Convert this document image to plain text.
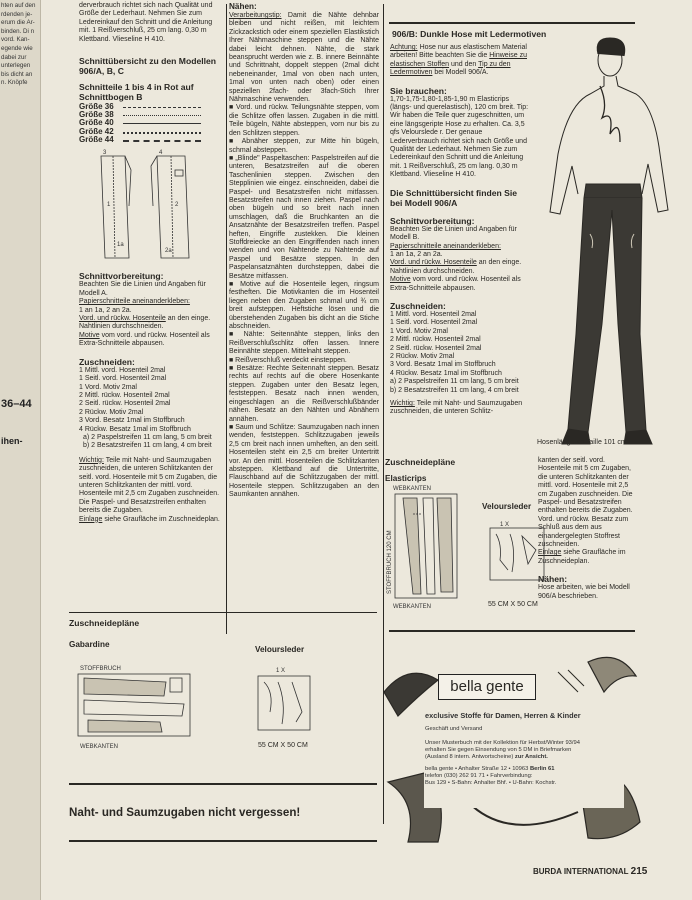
hten auf den rdenden je- erum die Ar- binden. Di n vord. Kan- egende wie dabei zur unterlegen bis dicht an n. Knöpfe
36–44
ihen-

derverbrauch richtet sich nach Qualität und Größe der Lederhaut. Nehmen Sie zum Ledereinkauf den Schnitt und die Anleitung mit. 1 Reißverschluß, 25 cm lang. 0,30 m Klettband. Vlieseline H 410.

Schnittübersicht zu den Modellen 906/A, B, C
Schnitteile 1 bis 4 in Rot auf Schnittbogen B
Größe 36
Größe 38
Größe 40
Größe 42
Größe 44
3
1
1a
4
2
2a
Schnittvorbereitung:

Beachten Sie die Linien und Angaben für Modell A.

Papierschnitteile aneinanderkleben:

1 an 1a, 2 an 2a.

Vord. und rückw. Hosenteile an den einge. Nahtlinien durchschneiden.

Motive vom vord. und rückw. Hosenteil als Extra-Schnitteile abpausen.

Zuschneiden:

1 Mittl. vord. Hosenteil 2mal

1 Seitl. vord. Hosenteil 2mal

1 Vord. Motiv 2mal

2 Mittl. rückw. Hosenteil 2mal

2 Seitl. rückw. Hosenteil 2mal

2 Rückw. Motiv 2mal

3 Vord. Besatz 1mal im Stoffbruch

4 Rückw. Besatz 1mal im Stoffbruch

a) 2 Paspelstreifen 11 cm lang, 5 cm breit

b) 2 Besatzstreifen 11 cm lang, 4 cm breit

Wichtig: Teile mit Naht- und Saumzugaben zuschneiden, die unteren Schlitzkanten der seitl. vord. Hosenteile mit 5 cm Zugaben, die unteren Schlitzkanten der mittl. vord. Hosenteile mit 2,5 cm Zugaben zuschneiden. Die Paspel- und Besatzstreifen enthalten bereits die Zugaben.

Einlage siehe Graufläche im Zuschneideplan.

Nähen:

Verarbeitungstip: Damit die Nähte dehnbar bleiben und nicht reißen, mit leichtem Zickzackstich oder einem speziellen Elastikstich Ihrer Nähmaschine steppen und die Nähte dabei leicht dehnen. Nähte, die stark beansprucht werden wie z. B. innere Beinnähte und Schrittnaht, doppelt steppen (2mal dicht nebeneinander, 1mal von oben nach unten, 1mal von unten nach oben) oder einen speziellen 2fach- oder 3fach-Stich Ihrer Nähmaschine verwenden.

■ Vord. und rückw. Teilungsnähte steppen, vom die Schlitze offen lassen. Zugaben in die mittl. Teile bügeln, Nähte absteppen, vorn nur bis zu den Schlitzen steppen.

■ Abnäher steppen, zur Mitte hin bügeln, schmal absteppen.

■ „Blinde" Paspeltaschen: Paspelstreifen auf die unteren, Besatzstreifen auf die oberen Taschenlinien steppen. Zwischen den Stepplinien wie eingez. einschneiden, dabei die Paspel- und Besatzstreifen nicht mitfassen. Besatzstreifen nach innen ziehen. Paspel nach oben bügeln und so breit nach innen umschlagen, daß die Bruchkanten an die Ansatznähte der Besatzstreifen treffen. Paspel heften, Eingriffe zustekken. Die kleinen Stoffdreiecke an den Eingriffenden nach innen wenden und von Nahtende zu Nahtende auf Paspel und Besätze steppen. In den Paspelansatznähten durchsteppen, dabei die Besätze mitfassen.

■ Motive auf die Hosenteile legen, ringsum festheften. Die Motivkanten die im Hosenteil liegen neben den Zugaben schmal und ¾ cm breit aufsteppen. Heftstiche lösen und die überstehenden Zugaben bis dicht an die Stiche abschneiden.

■ Nähte: Seitennähte steppen, links den Reißverschlußschlitz offen lassen. Innere Beinnähte steppen. Mittelnaht steppen.

■ Reißverschluß verdeckt einsteppen.

■ Besätze: Rechte Seitennaht steppen. Besatz rechts auf rechts auf die obere Hosenkante steppen. Zugaben unter den Besatz legen, feststeppen. Besatz nach innen wenden, eingeschlagen an die Reißverschlußbänder nähen. Besatz an den Nähten und Abnähern annähen.

■ Saum und Schlitze: Saumzugaben nach innen wenden, feststeppen. Schlitzzugaben jeweils 2,5 cm breit nach innen umheften, an den seitl. Hosenteilen steht ein 2,5 cm breiter Untertritt vor. An den mittl. Hosenteilen die Schlitzkanten absteppen. Klettband auf die Untertritte, Flauschband auf die Schlitzzugaben der mittl. Hosenteile steppen. Schlitzzugaben an den Saumkanten annähen.

906/B: Dunkle Hose mit Ledermotiven

Achtung: Hose nur aus elastischem Material arbeiten! Bitte beachten Sie die Hinweise zu elastischen Stoffen und den Tip zu den Ledermotiven bei Modell 906/A.

Sie brauchen:

1,70-1,75-1,80-1,85-1,90 m Elasticrips (längs- und querelastisch), 120 cm breit. Tip: Wir haben die Teile quer zugeschnitten, um eine längsgeripte Hose zu erhalten. Ca. 3,5 qfs Velourslede r. Der genaue Lederverbrauch richtet sich nach Größe und Qualität der Lederhaut. Nehmen Sie zum Ledereinkauf den Schnitt und die Anleitung mit. 1 Reißverschluß, 25 cm lang. 0,30 m Klettband. Vlieseline H 410.

Die Schnittübersicht finden Sie bei Modell 906/A
Schnittvorbereitung:

Beachten Sie die Linien und Angaben für Modell B.

Papierschnitteile aneinanderkleben:

1 an 1a, 2 an 2a.

Vord. und rückw. Hosenteile an den einge. Nahtlinien durchschneiden.

Motive vom vord. und rückw. Hosenteil als Extra-Schnitteile abpausen.

Zuschneiden:

1 Mittl. vord. Hosenteil 2mal

1 Seitl. vord. Hosenteil 2mal

1 Vord. Motiv 2mal

2 Mittl. rückw. Hosenteil 2mal

2 Seitl. rückw. Hosenteil 2mal

2 Rückw. Motiv 2mal

3 Vord. Besatz 1mal im Stoffbruch

4 Rückw. Besatz 1mal im Stoffbruch

a) 2 Paspelstreifen 11 cm lang, 5 cm breit

b) 2 Besatzstreifen 11 cm lang, 4 cm breit

Wichtig: Teile mit Naht- und Saumzugaben zuschneiden, die unteren Schlitz-

Hosenlänge ab Taille 101 cm

kanten der seitl. vord. Hosenteile mit 5 cm Zugaben, die unteren Schlitzkanten der mittl. vord. Hosenteile mit 2,5 cm Zugaben zuschneiden. Die Paspel- und Besatzstreifen enthalten bereits die Zugaben. Vord. und rückw. Besatz zum Schluß aus dem aus einandergelegten Stoffrest zuschneiden.

Einlage siehe Graufläche im Zuschneideplan.

Nähen:

Hose arbeiten, wie bei Modell 906/A beschrieben.

Zuschneidepläne
Elasticrips
Veloursleder
WEBKANTEN
WEBKANTEN
STOFFBRUCH 120 CM
1 X
55 CM X 50 CM
Zuschneidepläne
Gabardine
Veloursleder
STOFFBRUCH
WEBKANTEN
1 X
55 CM X 50 CM
Naht- und Saumzugaben nicht vergessen!
bella gente
exclusive Stoffe für Damen, Herren & Kinder
Geschäft und Versand
Unser Musterbuch mit der Kollektion für Herbst/Winter 93/94
erhalten Sie gegen Einsendung von 5 DM in Briefmarken
(Ausland 8 intern. Antwortscheine) zur Ansicht.
bella gente • Anhalter Straße 12 • 10963 Berlin 61
telefon (030) 262 91 71 • Fahrverbindung:
Bus 129 • S-Bahn: Anhalter Bhf. • U-Bahn: Kochstr.
BURDA INTERNATIONAL 215
